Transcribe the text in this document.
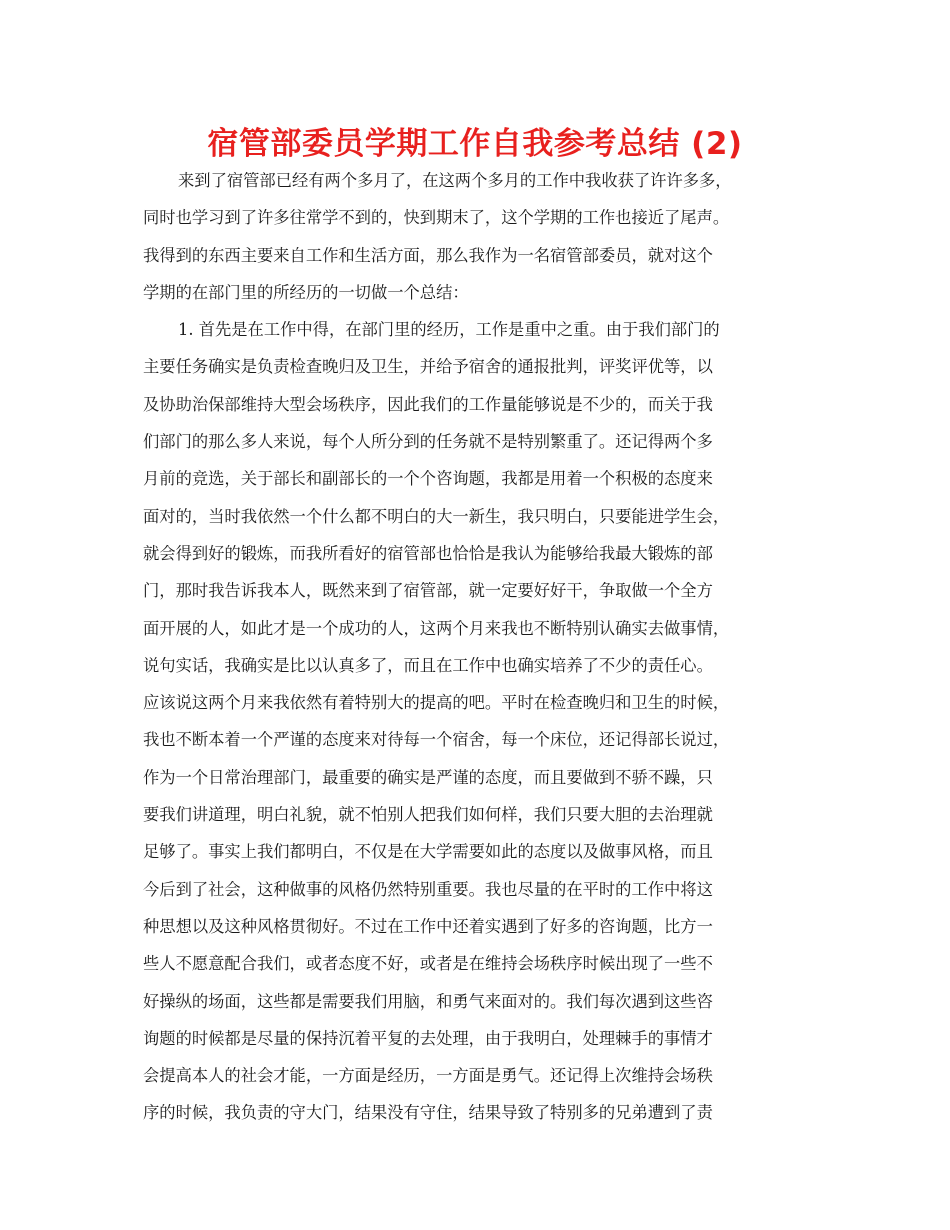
宿管部委员学期工作自我参考总结 (2)
来到了宿管部已经有两个多月了，在这两个多月的工作中我收获了许许多多，
同时也学习到了许多往常学不到的，快到期末了，这个学期的工作也接近了尾声。
我得到的东西主要来自工作和生活方面，那么我作为一名宿管部委员，就对这个
学期的在部门里的所经历的一切做一个总结：
1. 首先是在工作中得，在部门里的经历，工作是重中之重。由于我们部门的
主要任务确实是负责检查晚归及卫生，并给予宿舍的通报批判，评奖评优等，以
及协助治保部维持大型会场秩序，因此我们的工作量能够说是不少的，而关于我
们部门的那么多人来说，每个人所分到的任务就不是特别繁重了。还记得两个多
月前的竞选，关于部长和副部长的一个个咨询题，我都是用着一个积极的态度来
面对的，当时我依然一个什么都不明白的大一新生，我只明白，只要能进学生会，
就会得到好的锻炼，而我所看好的宿管部也恰恰是我认为能够给我最大锻炼的部
门，那时我告诉我本人，既然来到了宿管部，就一定要好好干，争取做一个全方
面开展的人，如此才是一个成功的人，这两个月来我也不断特别认确实去做事情，
说句实话，我确实是比以认真多了，而且在工作中也确实培养了不少的责任心。
应该说这两个月来我依然有着特别大的提高的吧。平时在检查晚归和卫生的时候，
我也不断本着一个严谨的态度来对待每一个宿舍，每一个床位，还记得部长说过，
作为一个日常治理部门，最重要的确实是严谨的态度，而且要做到不骄不躁，只
要我们讲道理，明白礼貌，就不怕别人把我们如何样，我们只要大胆的去治理就
足够了。事实上我们都明白，不仅是在大学需要如此的态度以及做事风格，而且
今后到了社会，这种做事的风格仍然特别重要。我也尽量的在平时的工作中将这
种思想以及这种风格贯彻好。不过在工作中还着实遇到了好多的咨询题，比方一
些人不愿意配合我们，或者态度不好，或者是在维持会场秩序时候出现了一些不
好操纵的场面，这些都是需要我们用脑，和勇气来面对的。我们每次遇到这些咨
询题的时候都是尽量的保持沉着平复的去处理，由于我明白，处理棘手的事情才
会提高本人的社会才能，一方面是经历，一方面是勇气。还记得上次维持会场秩
序的时候，我负责的守大门，结果没有守住，结果导致了特别多的兄弟遭到了责
